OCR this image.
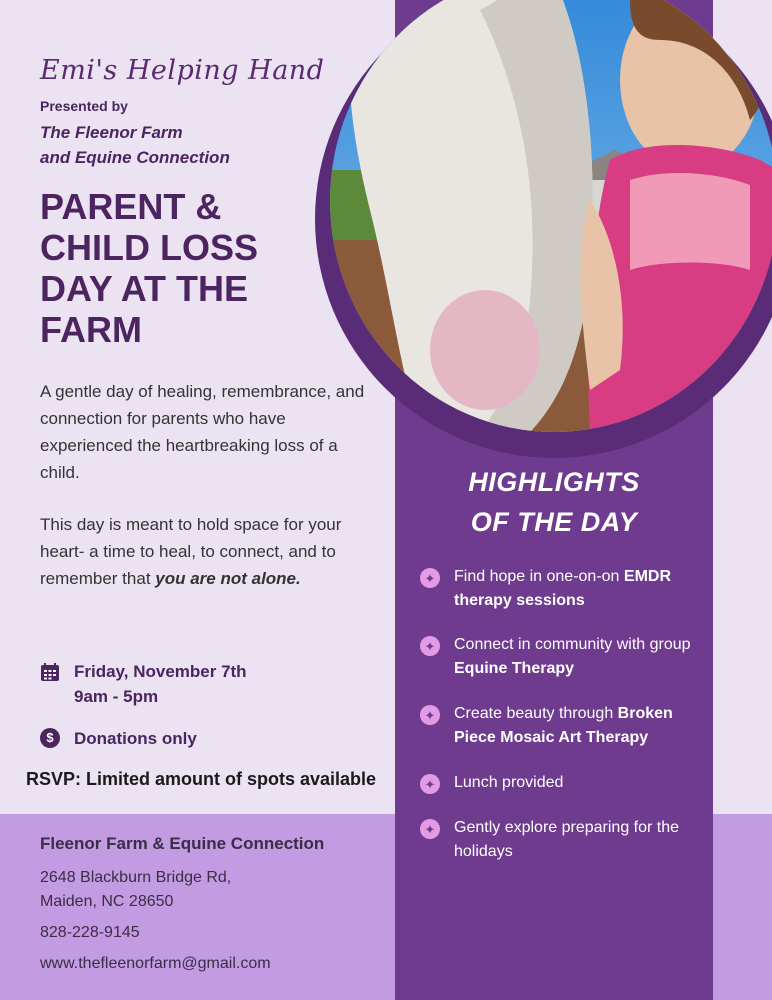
Emi's Helping Hand
Presented by
The Fleenor Farm
and Equine Connection
PARENT &
CHILD LOSS
DAY AT THE
FARM
A gentle day of healing, remembrance, and connection for parents who have experienced the heartbreaking loss of a child.
This day is meant to hold space for your heart- a time to heal, to connect, and to remember that you are not alone.
Friday, November 7th
9am - 5pm
$	Donations only
RSVP: Limited amount of spots available
Fleenor Farm & Equine Connection
2648 Blackburn Bridge Rd,
Maiden, NC 28650
828-228-9145
www.thefleenorfarm@gmail.com
HIGHLIGHTS
OF THE DAY
✦ Find hope in one-on-on EMDR therapy sessions
✦ Connect in community with group Equine Therapy
✦ Create beauty through Broken Piece Mosaic Art Therapy
✦ Lunch provided
✦ Gently explore preparing for the holidays
